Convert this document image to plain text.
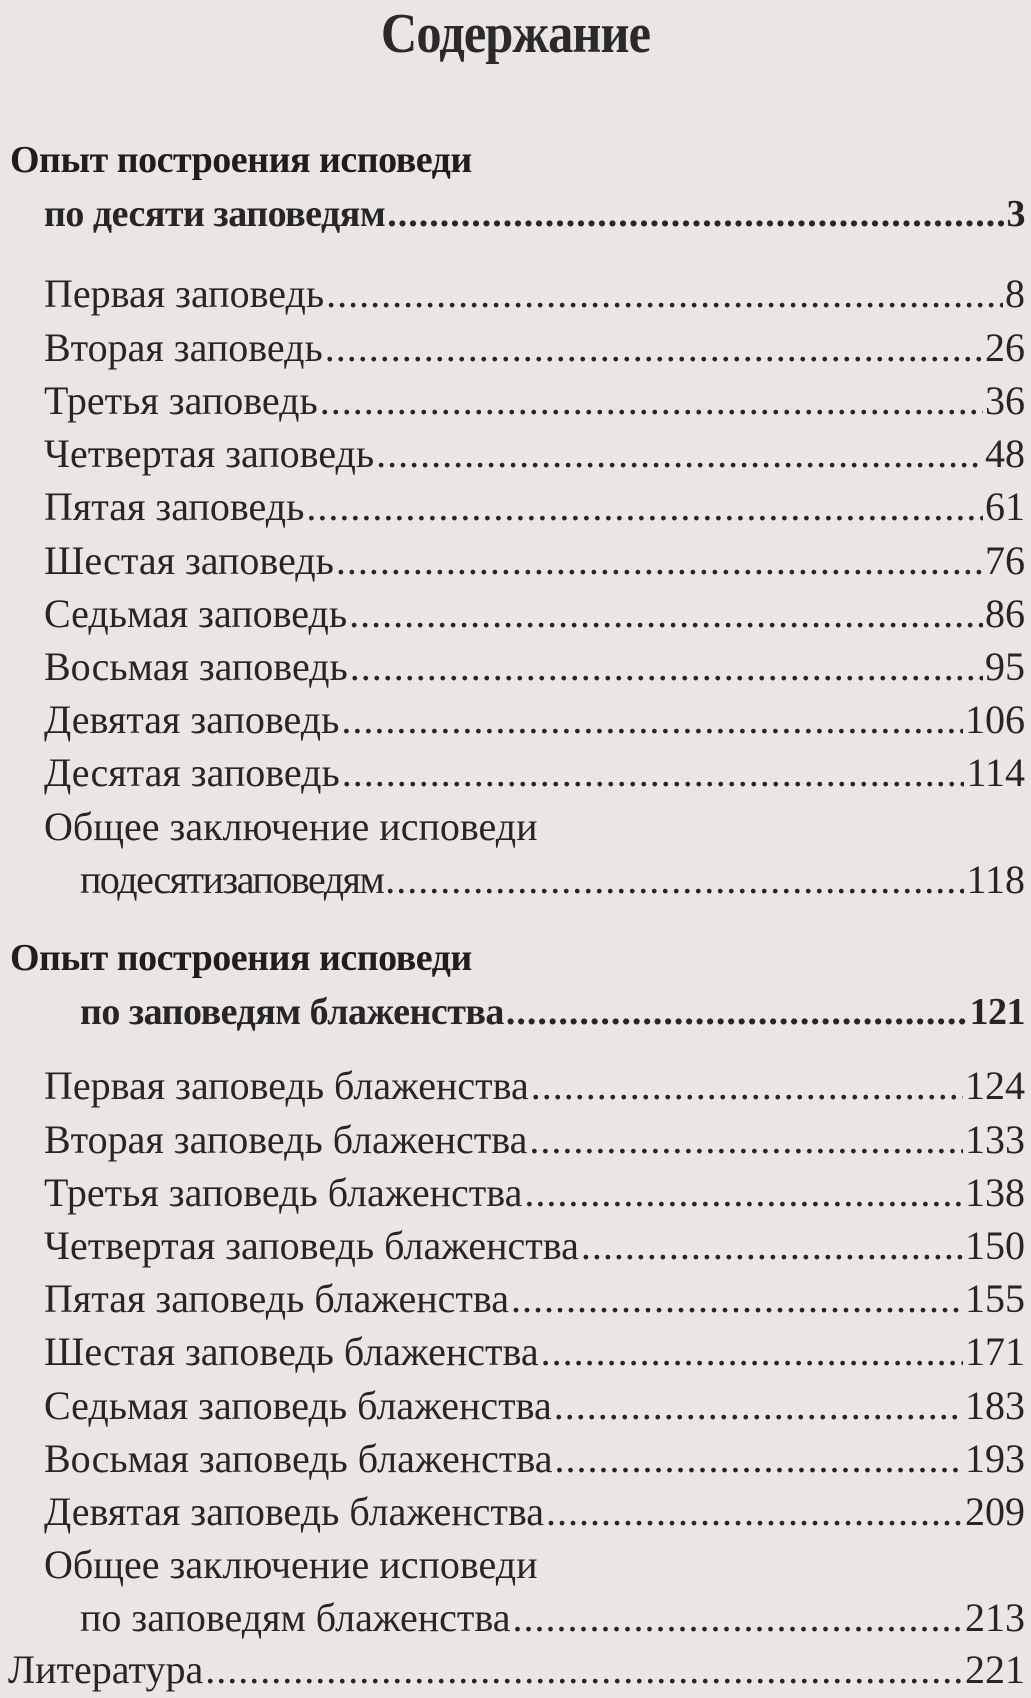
Содержание
Опыт построения исповеди
по десяти заповедям .....	3
Первая заповедь .....	8
Вторая заповедь .....	26
Третья заповедь .....	36
Четвертая заповедь .....	48
Пятая заповедь .....	61
Шестая заповедь .....	76
Седьмая заповедь .....	86
Восьмая заповедь .....	95
Девятая заповедь .....	106
Десятая заповедь .....	114
Общее заключение исповеди
подесятизаповедям .....	118
Опыт построения исповеди
по заповедям блаженства .....	121
Первая заповедь блаженства .....	124
Вторая заповедь блаженства .....	133
Третья заповедь блаженства .....	138
Четвертая заповедь блаженства .....	150
Пятая заповедь блаженства .....	155
Шестая заповедь блаженства .....	171
Седьмая заповедь блаженства .....	183
Восьмая заповедь блаженства .....	193
Девятая заповедь блаженства .....	209
Общее заключение исповеди
по заповедям блаженства .....	213
Литература .....	221
